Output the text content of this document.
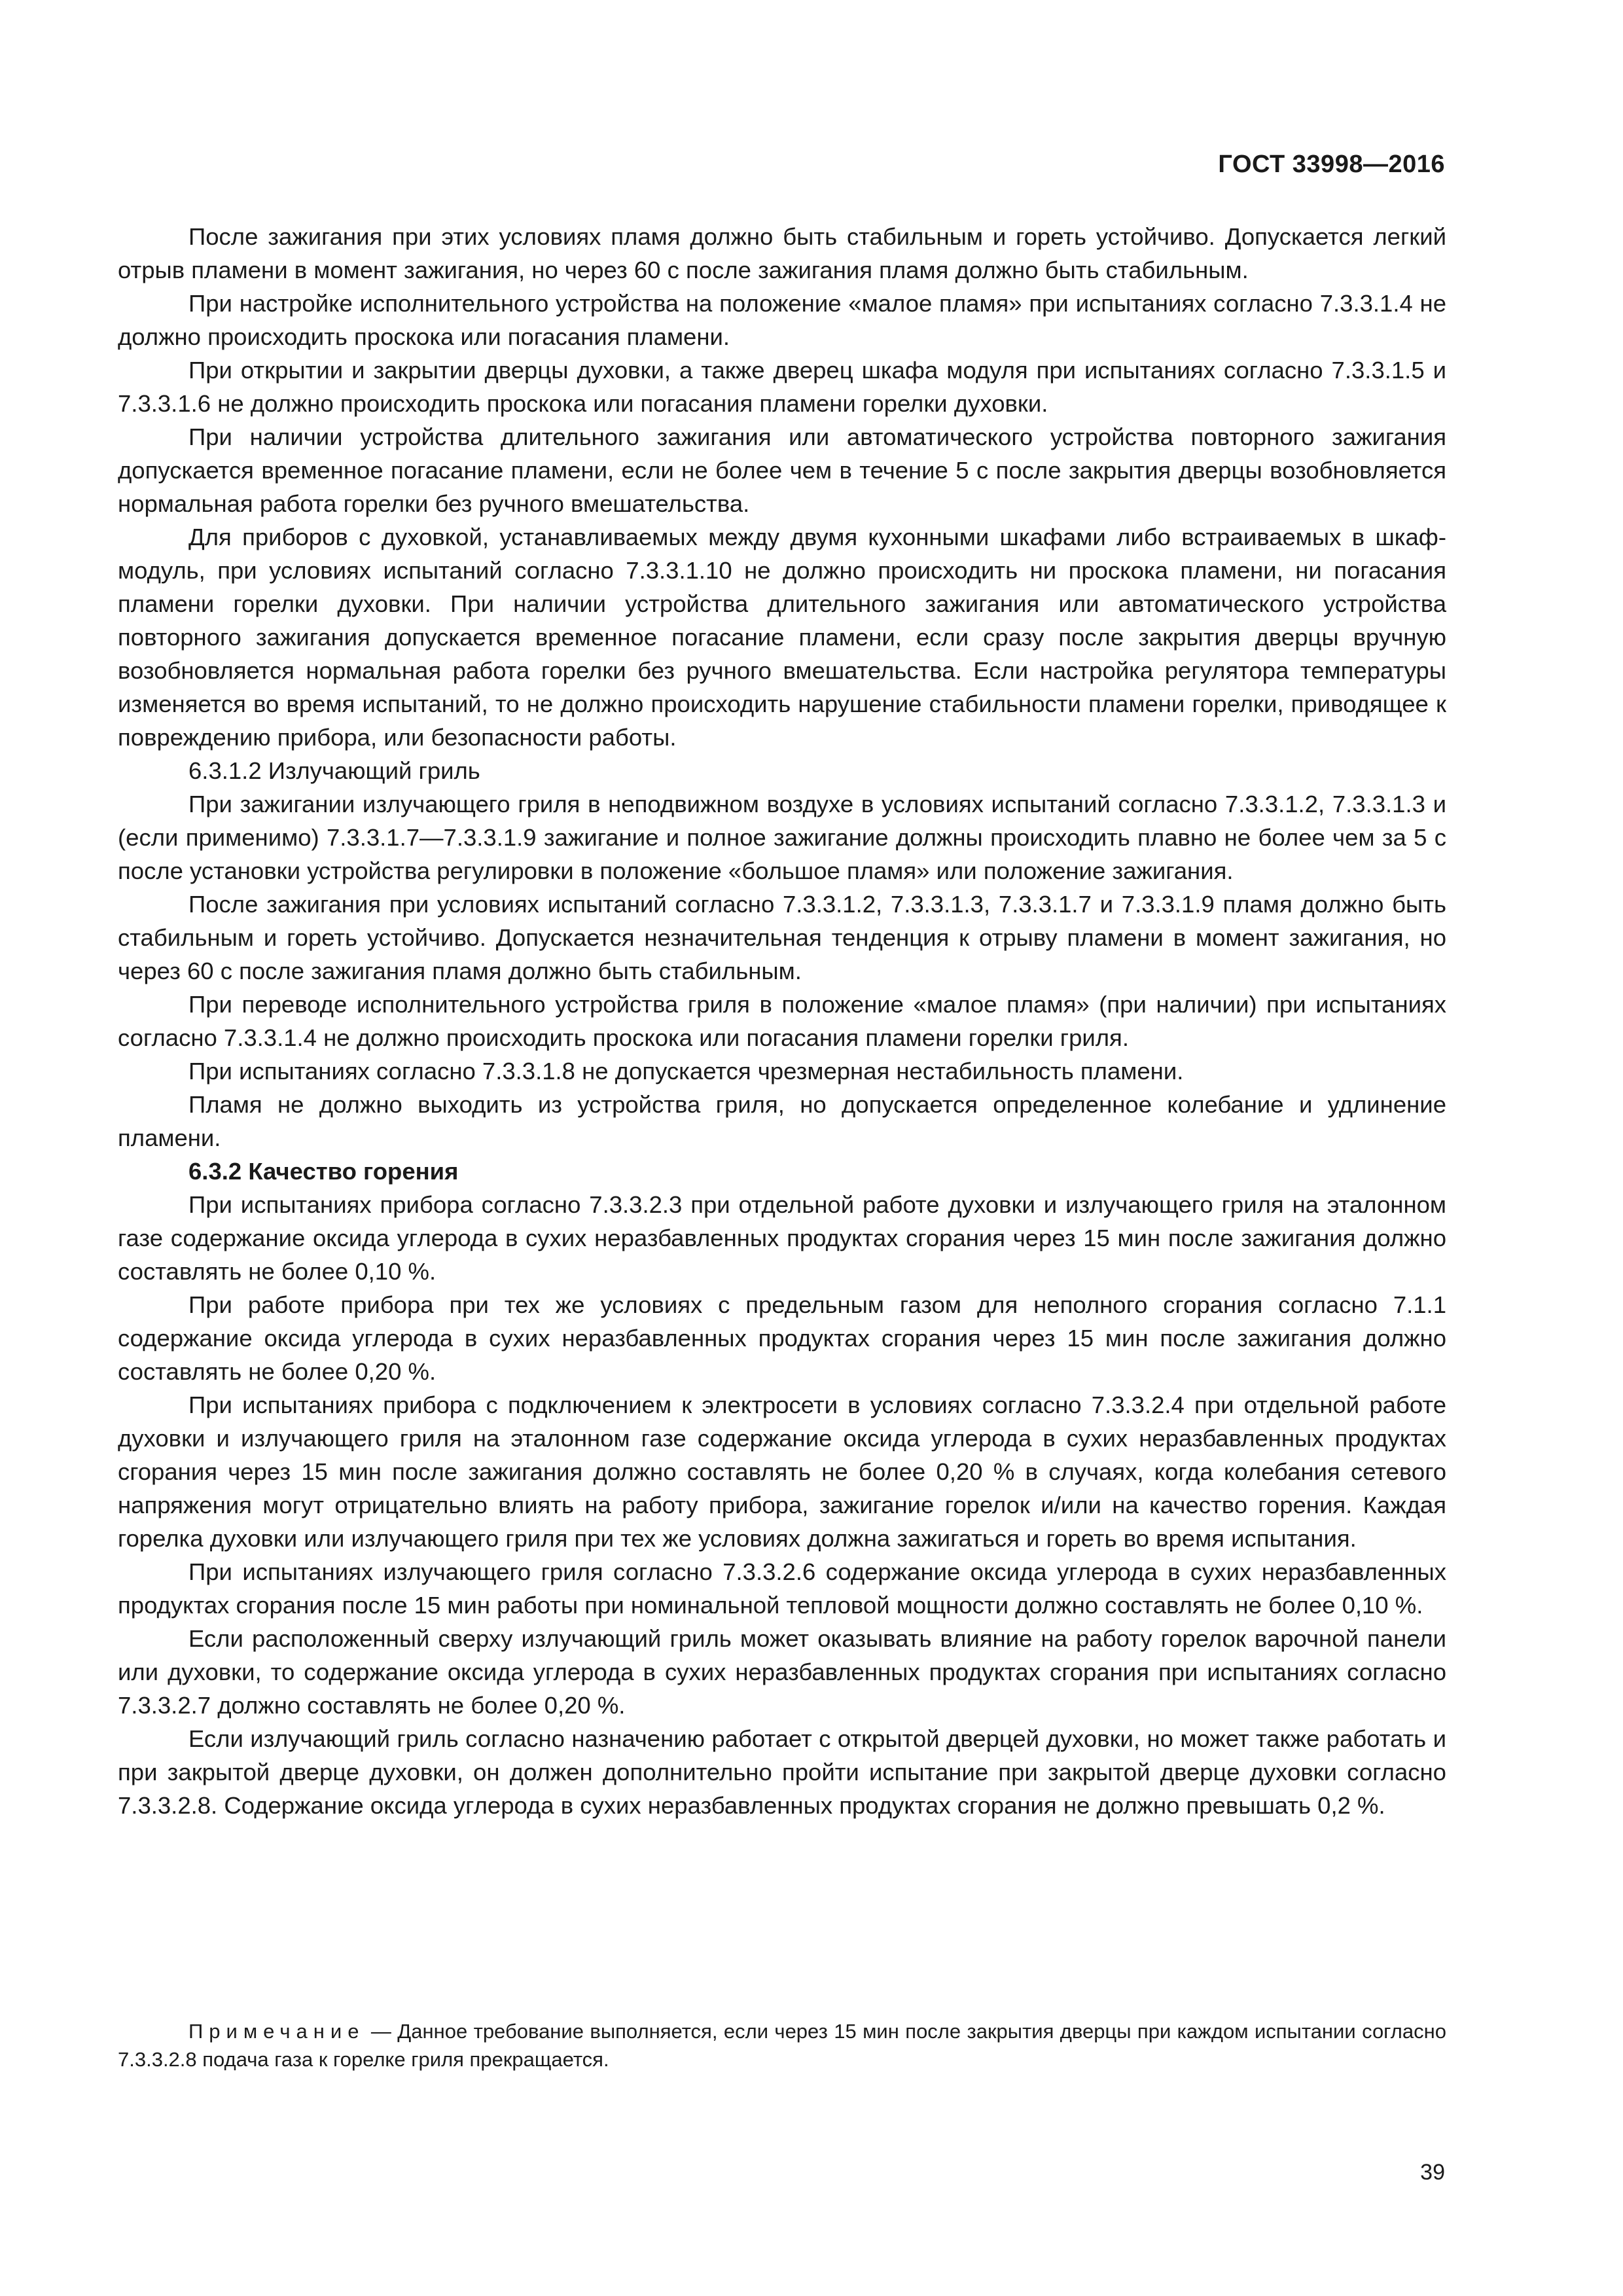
ГОСТ 33998—2016

После зажигания при этих условиях пламя должно быть стабильным и гореть устойчиво. Допускается легкий отрыв пламени в момент зажигания, но через 60 с после зажигания пламя должно быть стабильным.

При настройке исполнительного устройства на положение «малое пламя» при испытаниях согласно 7.3.3.1.4 не должно происходить проскока или погасания пламени.

При открытии и закрытии дверцы духовки, а также дверец шкафа модуля при испытаниях согласно 7.3.3.1.5 и 7.3.3.1.6 не должно происходить проскока или погасания пламени горелки духовки.

При наличии устройства длительного зажигания или автоматического устройства повторного зажигания допускается временное погасание пламени, если не более чем в течение 5 с после закрытия дверцы возобновляется нормальная работа горелки без ручного вмешательства.

Для приборов с духовкой, устанавливаемых между двумя кухонными шкафами либо встраиваемых в шкаф-модуль, при условиях испытаний согласно 7.3.3.1.10 не должно происходить ни проскока пламени, ни погасания пламени горелки духовки. При наличии устройства длительного зажигания или автоматического устройства повторного зажигания допускается временное погасание пламени, если сразу после закрытия дверцы вручную возобновляется нормальная работа горелки без ручного вмешательства. Если настройка регулятора температуры изменяется во время испытаний, то не должно происходить нарушение стабильности пламени горелки, приводящее к повреждению прибора, или безопасности работы.

6.3.1.2 Излучающий гриль

При зажигании излучающего гриля в неподвижном воздухе в условиях испытаний согласно 7.3.3.1.2, 7.3.3.1.3 и (если применимо) 7.3.3.1.7—7.3.3.1.9 зажигание и полное зажигание должны происходить плавно не более чем за 5 с после установки устройства регулировки в положение «большое пламя» или положение зажигания.

После зажигания при условиях испытаний согласно 7.3.3.1.2, 7.3.3.1.3, 7.3.3.1.7 и 7.3.3.1.9 пламя должно быть стабильным и гореть устойчиво. Допускается незначительная тенденция к отрыву пламени в момент зажигания, но через 60 с после зажигания пламя должно быть стабильным.

При переводе исполнительного устройства гриля в положение «малое пламя» (при наличии) при испытаниях согласно 7.3.3.1.4 не должно происходить проскока или погасания пламени горелки гриля.

При испытаниях согласно 7.3.3.1.8 не допускается чрезмерная нестабильность пламени.

Пламя не должно выходить из устройства гриля, но допускается определенное колебание и удлинение пламени.

6.3.2 Качество горения

При испытаниях прибора согласно 7.3.3.2.3 при отдельной работе духовки и излучающего гриля на эталонном газе содержание оксида углерода в сухих неразбавленных продуктах сгорания через 15 мин после зажигания должно составлять не более 0,10 %.

При работе прибора при тех же условиях с предельным газом для неполного сгорания согласно 7.1.1 содержание оксида углерода в сухих неразбавленных продуктах сгорания через 15 мин после зажигания должно составлять не более 0,20 %.

При испытаниях прибора с подключением к электросети в условиях согласно 7.3.3.2.4 при отдельной работе духовки и излучающего гриля на эталонном газе содержание оксида углерода в сухих неразбавленных продуктах сгорания через 15 мин после зажигания должно составлять не более 0,20 % в случаях, когда колебания сетевого напряжения могут отрицательно влиять на работу прибора, зажигание горелок и/или на качество горения. Каждая горелка духовки или излучающего гриля при тех же условиях должна зажигаться и гореть во время испытания.

При испытаниях излучающего гриля согласно 7.3.3.2.6 содержание оксида углерода в сухих неразбавленных продуктах сгорания после 15 мин работы при номинальной тепловой мощности должно составлять не более 0,10 %.

Если расположенный сверху излучающий гриль может оказывать влияние на работу горелок варочной панели или духовки, то содержание оксида углерода в сухих неразбавленных продуктах сгорания при испытаниях согласно 7.3.3.2.7 должно составлять не более 0,20 %.

Если излучающий гриль согласно назначению работает с открытой дверцей духовки, но может также работать и при закрытой дверце духовки, он должен дополнительно пройти испытание при закрытой дверце духовки согласно 7.3.3.2.8. Содержание оксида углерода в сухих неразбавленных продуктах сгорания не должно превышать 0,2 %.

Примечание — Данное требование выполняется, если через 15 мин после закрытия дверцы при каждом испытании согласно 7.3.3.2.8 подача газа к горелке гриля прекращается.
39
